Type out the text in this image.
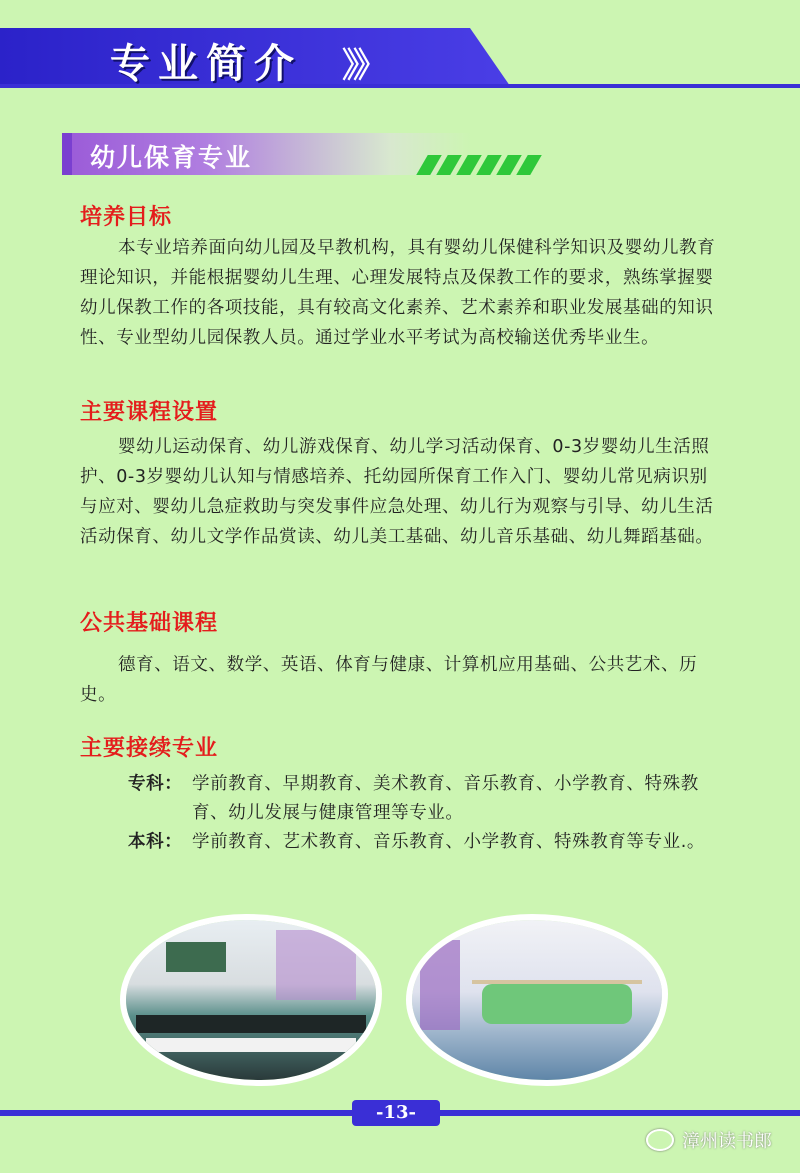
专业简介 》》
幼儿保育专业
培养目标

本专业培养面向幼儿园及早教机构，具有婴幼儿保健科学知识及婴幼儿教育理论知识，并能根据婴幼儿生理、心理发展特点及保教工作的要求，熟练掌握婴幼儿保教工作的各项技能，具有较高文化素养、艺术素养和职业发展基础的知识性、专业型幼儿园保教人员。通过学业水平考试为高校输送优秀毕业生。

主要课程设置

婴幼儿运动保育、幼儿游戏保育、幼儿学习活动保育、0-3岁婴幼儿生活照护、0-3岁婴幼儿认知与情感培养、托幼园所保育工作入门、婴幼儿常见病识别与应对、婴幼儿急症救助与突发事件应急处理、幼儿行为观察与引导、幼儿生活活动保育、幼儿文学作品赏读、幼儿美工基础、幼儿音乐基础、幼儿舞蹈基础。

公共基础课程

德育、语文、数学、英语、体育与健康、计算机应用基础、公共艺术、历史。

主要接续专业
专科： 学前教育、早期教育、美术教育、音乐教育、小学教育、特殊教育、幼儿发展与健康管理等专业。
本科： 学前教育、艺术教育、音乐教育、小学教育、特殊教育等专业.。
-13-
漳州读书郎
